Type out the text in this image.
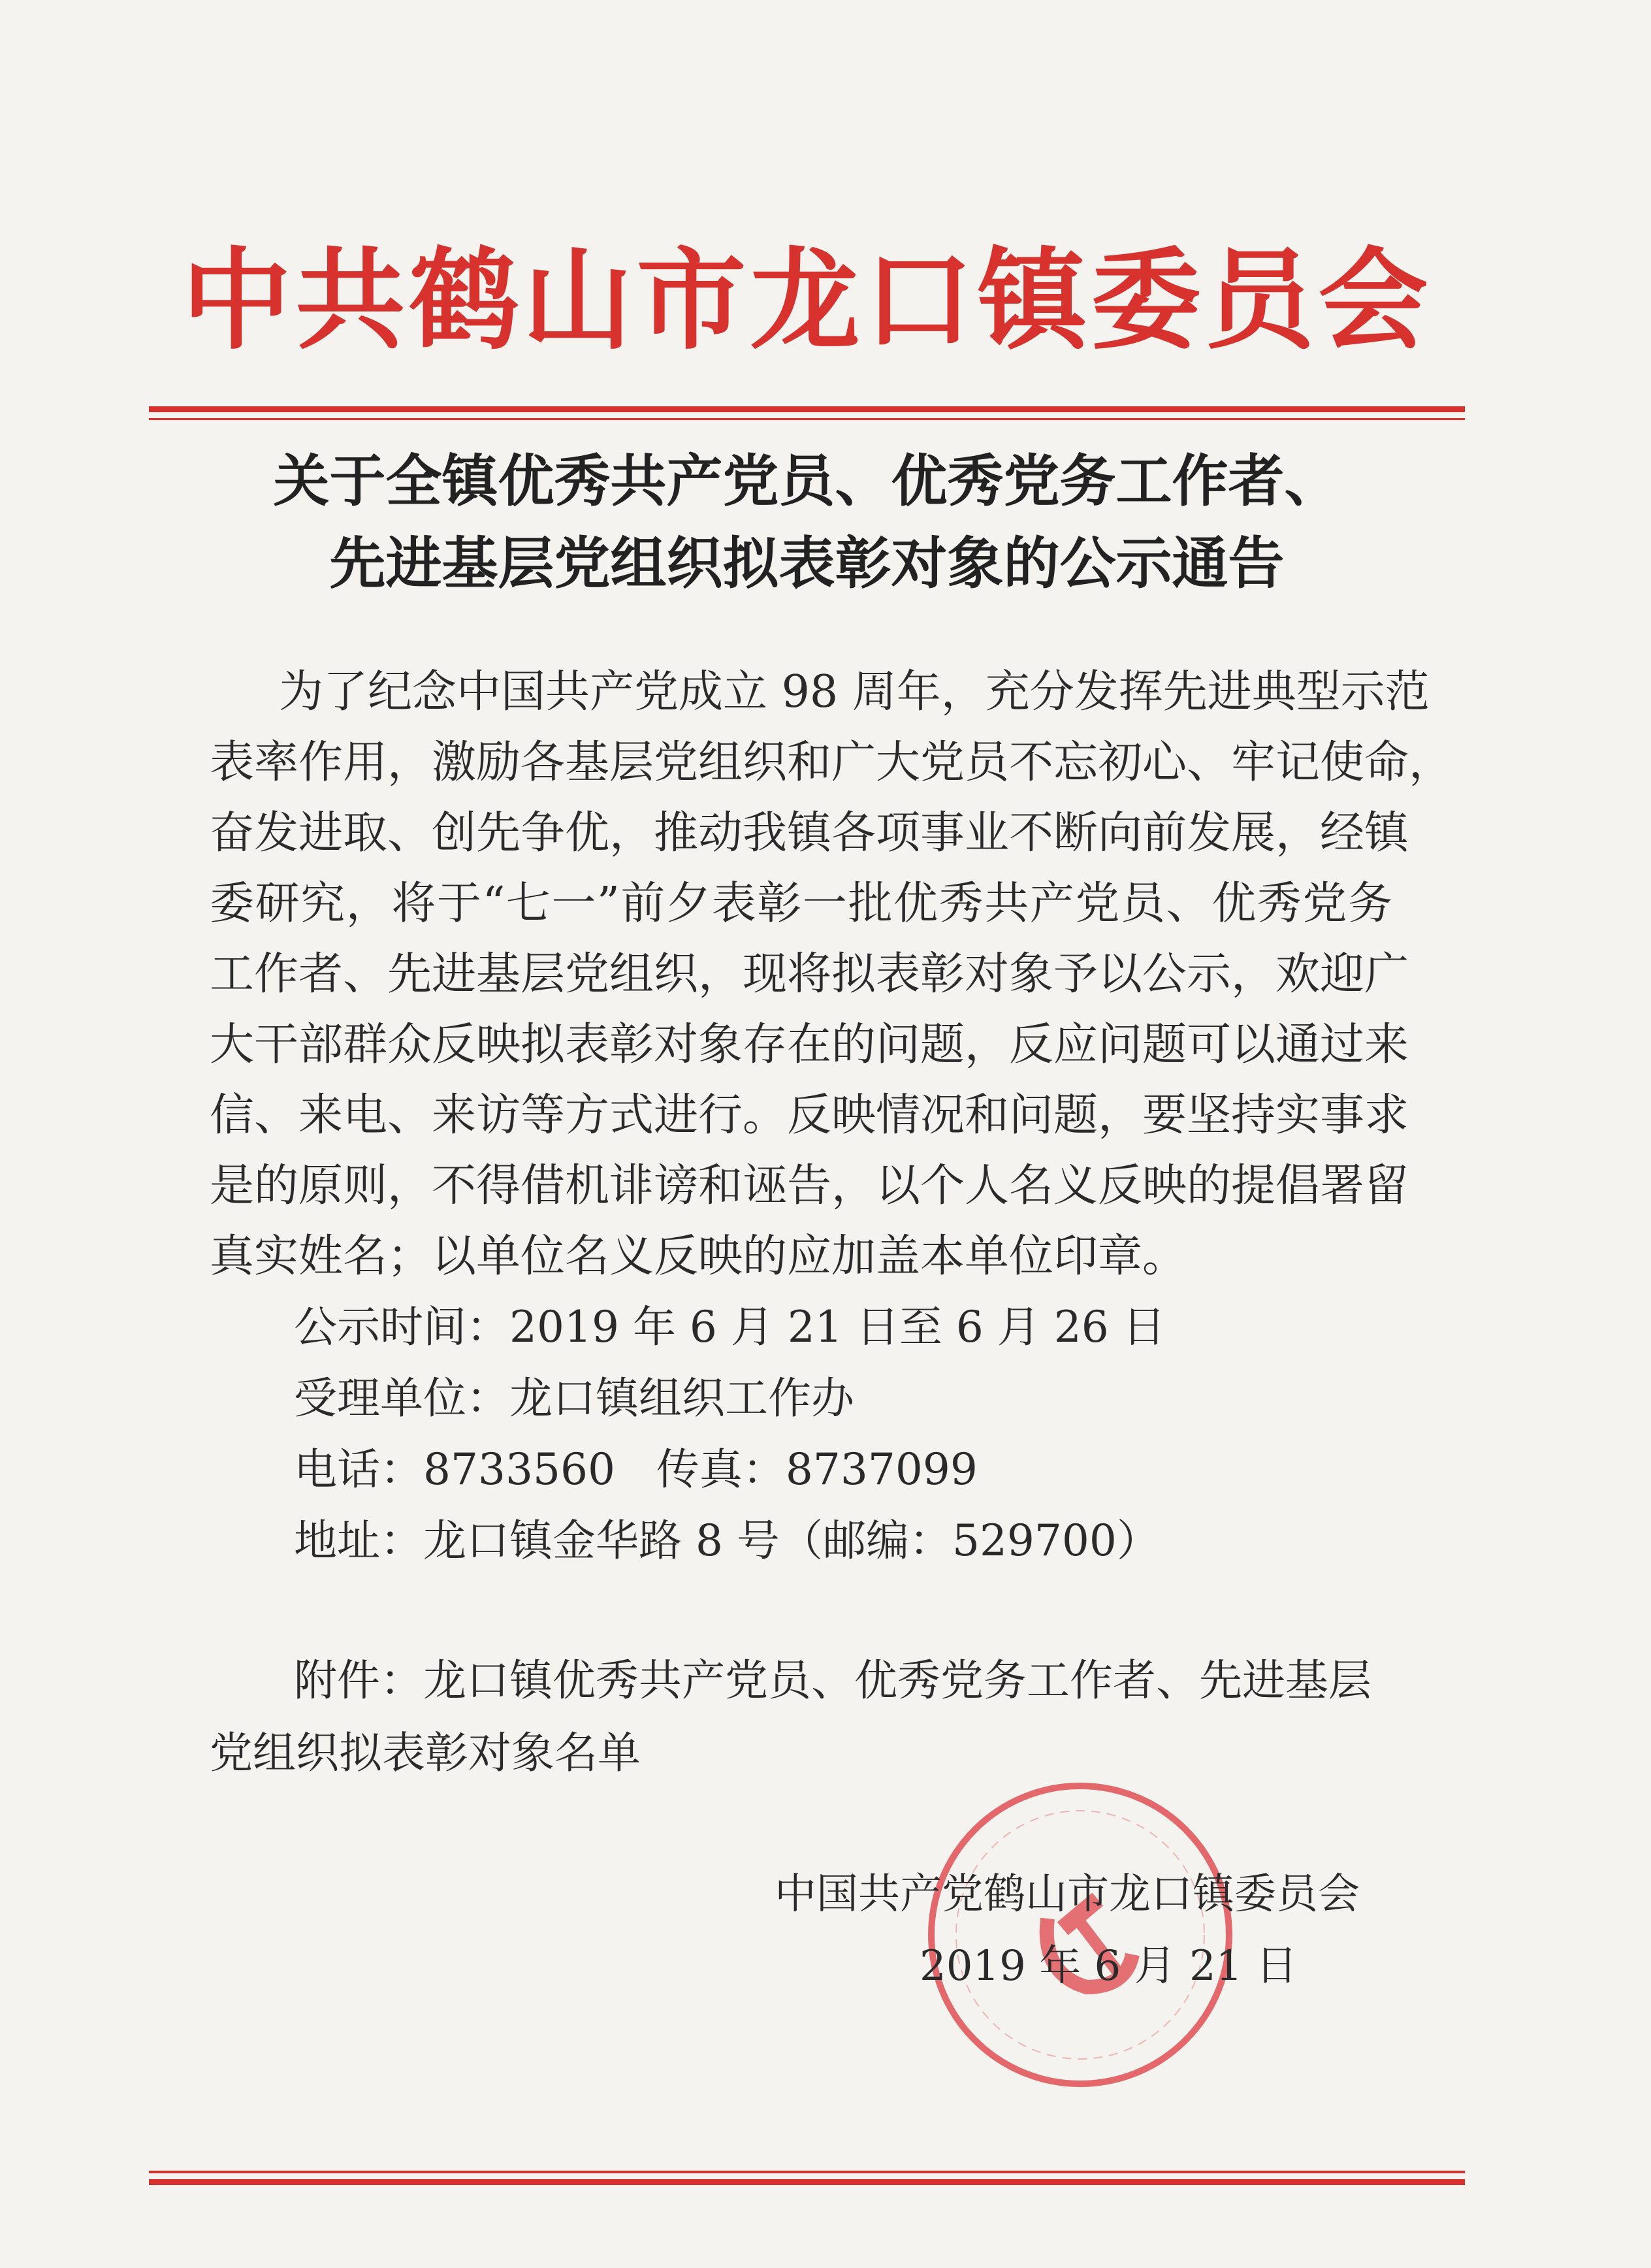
中共鹤山市龙口镇委员会
关于全镇优秀共产党员、优秀党务工作者、
先进基层党组织拟表彰对象的公示通告
为了纪念中国共产党成立 98 周年，充分发挥先进典型示范
表率作用，激励各基层党组织和广大党员不忘初心、牢记使命，
奋发进取、创先争优，推动我镇各项事业不断向前发展，经镇
委研究，将于“七一”前夕表彰一批优秀共产党员、优秀党务
工作者、先进基层党组织，现将拟表彰对象予以公示，欢迎广
大干部群众反映拟表彰对象存在的问题，反应问题可以通过来
信、来电、来访等方式进行。反映情况和问题，要坚持实事求
是的原则，不得借机诽谤和诬告，以个人名义反映的提倡署留
真实姓名；以单位名义反映的应加盖本单位印章。
公示时间：2019 年 6 月 21 日至 6 月 26 日
受理单位：龙口镇组织工作办
电话：8733560   传真：8737099
地址：龙口镇金华路 8 号（邮编：529700）
附件：龙口镇优秀共产党员、优秀党务工作者、先进基层
党组织拟表彰对象名单
中国共产党鹤山市龙口镇委员会
2019 年 6 月 21 日
